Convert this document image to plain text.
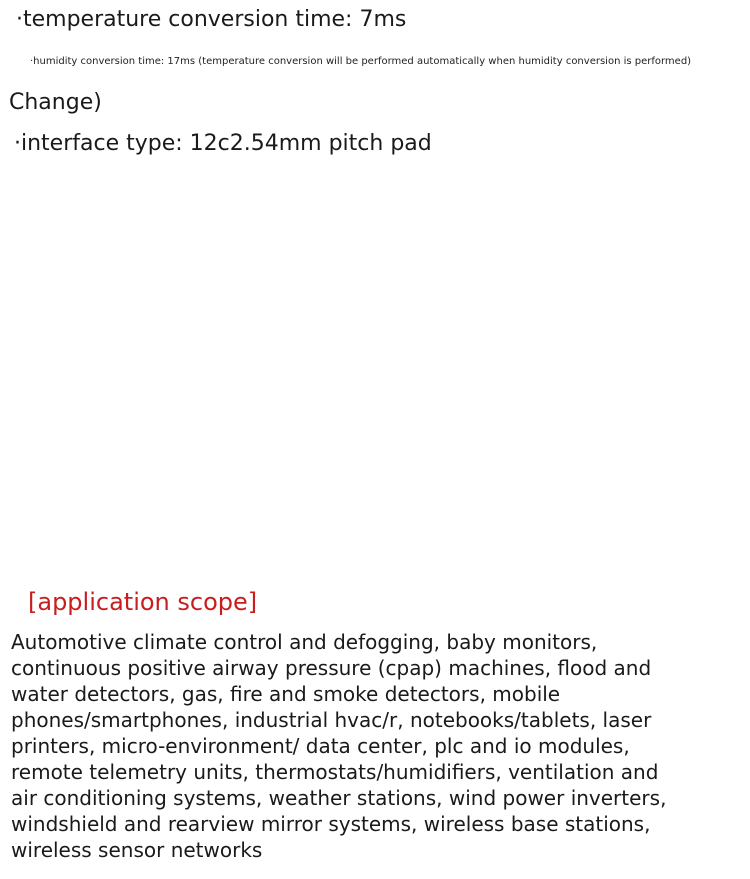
·temperature conversion time: 7ms
·humidity conversion time: 17ms (temperature conversion will be performed automatically when humidity conversion is performed)
Change)
·interface type: 12c2.54mm pitch pad
[application scope]
Automotive climate control and defogging, baby monitors,
continuous positive airway pressure (cpap) machines, flood and
water detectors, gas, fire and smoke detectors, mobile
phones/smartphones, industrial hvac/r, notebooks/tablets, laser
printers, micro-environment/ data center, plc and io modules,
remote telemetry units, thermostats/humidifiers, ventilation and
air conditioning systems, weather stations, wind power inverters,
windshield and rearview mirror systems, wireless base stations,
wireless sensor networks
